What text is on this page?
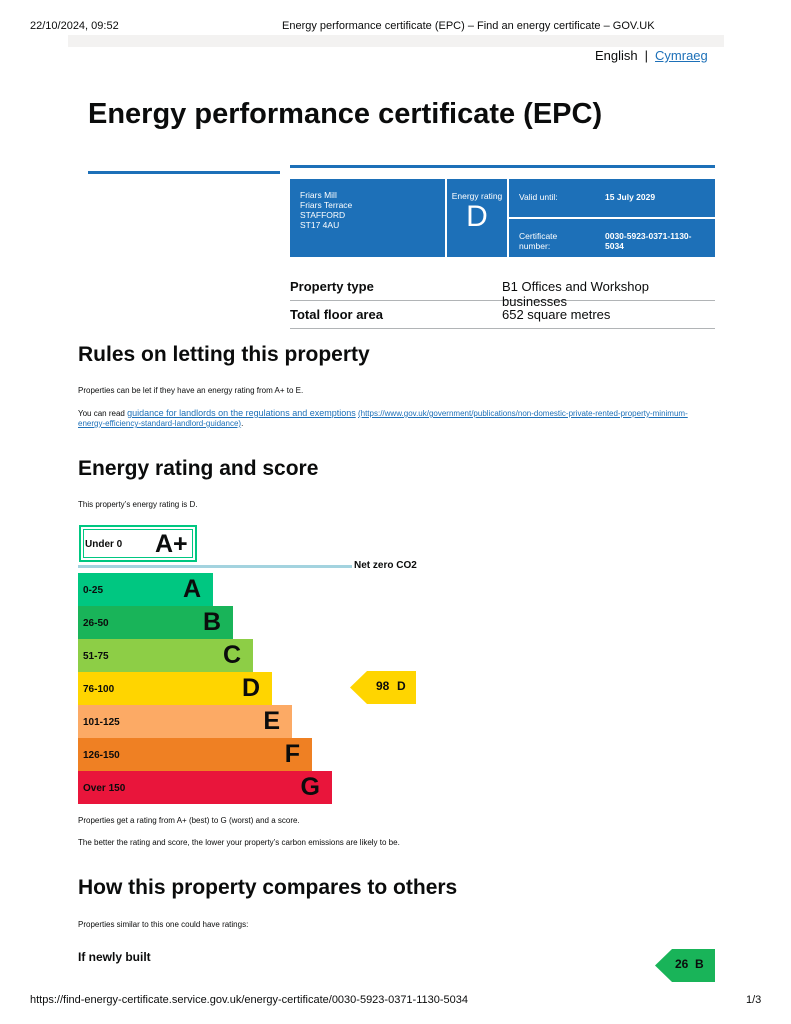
22/10/2024, 09:52	Energy performance certificate (EPC) – Find an energy certificate – GOV.UK
English | Cymraeg
Energy performance certificate (EPC)
Friars Mill
Friars Terrace
STAFFORD
ST17 4AU
Energy rating
D
Valid until:	15 July 2029
Certificate number:
0030-5923-0371-1130-5034
Property type	B1 Offices and Workshop businesses
Total floor area	652 square metres
Rules on letting this property
Properties can be let if they have an energy rating from A+ to E.
You can read guidance for landlords on the regulations and exemptions (https://www.gov.uk/government/publications/non-domestic-private-rented-property-minimum-energy-efficiency-standard-landlord-guidance).
Energy rating and score
This property’s energy rating is D.
Under 0 A+
Net zero CO2
0-25	A
26-50	B
51-75	C
76-100	D
101-125	E
126-150	F
Over 150	G
98 D
Properties get a rating from A+ (best) to G (worst) and a score.
The better the rating and score, the lower your property’s carbon emissions are likely to be.
How this property compares to others
Properties similar to this one could have ratings:
If newly built	26 B
https://find-energy-certificate.service.gov.uk/energy-certificate/0030-5923-0371-1130-5034	1/3
